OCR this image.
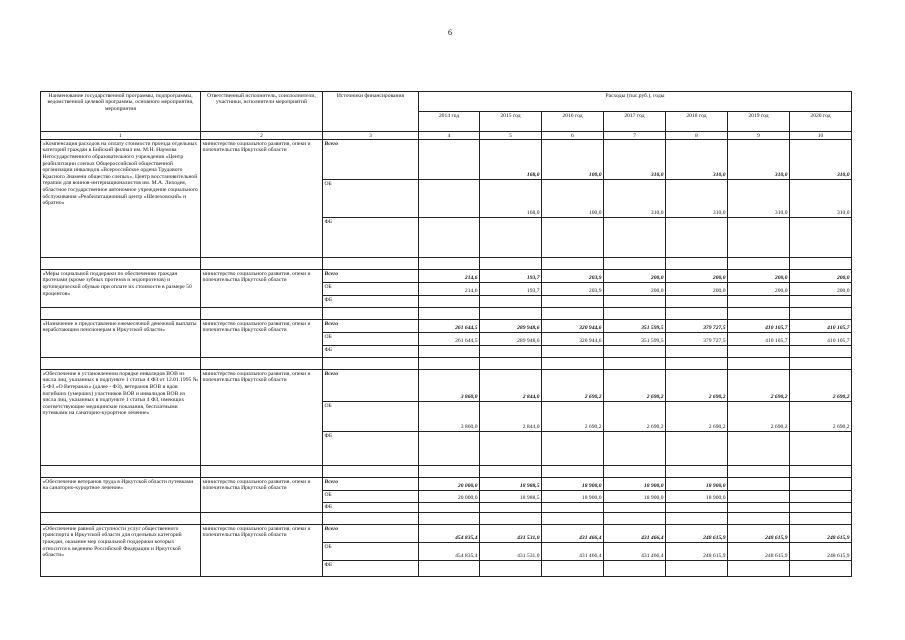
6
Наименование государственной программы, подпрограммы, ведомственной целевой программы, основного мероприятия, мероприятия	Ответственный исполнитель, соисполнители, участники, исполнители мероприятий	Источники финансирования	Расходы (тыс.руб.), годы						
			2014 год	2015 год	2016 год	2017 год	2018 год	2019 год	2020 год
1	2	3	4	5	6	7	8	9	10
«Компенсация расходов на оплату стоимости проезда отдельных категорий граждан в Бийский филиал им. М.Н. Наумова Негосударственного образовательного учреждения «Центр реабилитации слепых Общероссийской общественной организации инвалидов «Всероссийское ордена Трудового Красного Знамени общество слепых», Центр восстановительной терапии для воинов-интернационалистов им. М.А. Лиходея, областное государственное автономное учреждение социального обслуживания «Реабилитационный центр «Шелеховский» и обратно»	министерство социального развития, опеки и попечительства Иркутской области	Всего		168,0	100,0	310,0	310,0	310,0	310,0
		ОБ		168,0	100,0	310,0	310,0	310,0	310,0
		ФБ							

«Меры социальной поддержки по обеспечению граждан протезами (кроме зубных протезов и эндопротезов) и ортопедической обувью при оплате их стоимости в размере 50 процентов»	министерство социального развития, опеки и попечительства Иркутской области	Всего	214,6	193,7	203,9	200,0	200,0	200,0	200,0
		ОБ	214,6	193,7	203,9	200,0	200,0	200,0	200,0
		ФБ							

«Назначение и предоставление ежемесячной денежной выплаты неработающим пенсионерам в Иркутской области»	министерство социального развития, опеки и попечительства Иркутской области	Всего	261 644,5	289 948,6	320 944,6	351 599,5	379 727,5	410 105,7	410 105,7
		ОБ	261 644,5	289 948,6	320 944,6	351 599,5	379 727,5	410 105,7	410 105,7
		ФБ							

«Обеспечение в установленном порядке инвалидов ВОВ из числа лиц, указанных в подпункте 1 статьи 4 ФЗ от 12.01.1995 № 5-ФЗ «О Ветеранах» (далее - ФЗ), ветеранов ВОВ и вдов погибших (умерших) участников ВОВ и инвалидов ВОВ из числа лиц, указанных в подпункте 1 статьи 4 ФЗ, имеющих соответствующие медицинские показания, бесплатными путевками на санаторно-курортное лечение»	министерство социального развития, опеки и попечительства Иркутской области	Всего	3 860,0	2 844,0	2 690,2	2 690,2	2 690,2	2 690,2	2 690,2
		ОБ	3 860,0	2 844,0	2 690,2	2 690,2	2 690,2	2 690,2	2 690,2
		ФБ							

«Обеспечение ветеранов труда в Иркутской области путевками на санаторно-курортное лечение»	министерство социального развития, опеки и попечительства Иркутской области	Всего	20 000,0	18 988,5	18 900,0	18 900,0	18 900,0		
		ОБ	20 000,0	18 988,5	18 900,0	18 900,0	18 900,0		
		ФБ							

«Обеспечение равной доступности услуг общественного транспорта в Иркутской области для отдельных категорий граждан, оказание мер социальной поддержки которых относится к ведению Российской Федерации и Иркутской области»	министерство социального развития, опеки и попечительства Иркутской области	Всего	454 835,4	431 531,0	431 466,4	431 466,4	248 615,9	248 615,9	248 615,9
		ОБ	454 835,4	431 531,0	431 466,4	431 466,4	248 615,9	248 615,9	248 615,9
		ФБ							
